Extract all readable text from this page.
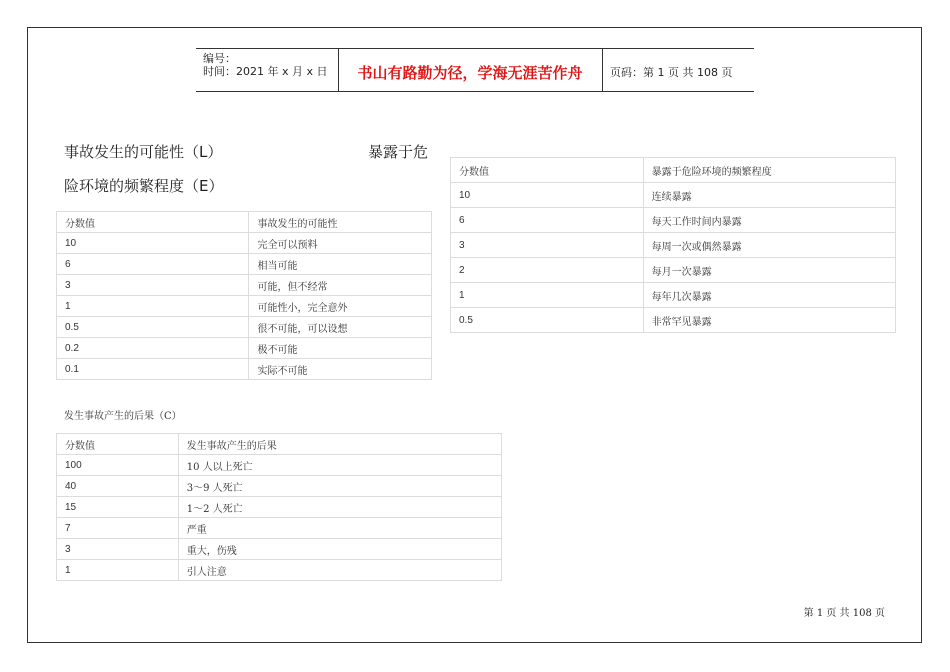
编号：
时间：2021 年 x 月 x 日	书山有路勤为径，学海无涯苦作舟	页码：第 1 页 共 108 页
事故发生的可能性（L）	暴露于危
险环境的频繁程度（E）
分数值	事故发生的可能性
10	完全可以预料
6	相当可能
3	可能，但不经常
1	可能性小，完全意外
0.5	很不可能，可以设想
0.2	极不可能
0.1	实际不可能
分数值	暴露于危险环境的频繁程度
10	连续暴露
6	每天工作时间内暴露
3	每周一次或偶然暴露
2	每月一次暴露
1	每年几次暴露
0.5	非常罕见暴露
发生事故产生的后果（C）
分数值	发生事故产生的后果
100	10 人以上死亡
40	3～9 人死亡
15	1～2 人死亡
7	严重
3	重大，伤残
1	引人注意
第 1 页 共 108 页
